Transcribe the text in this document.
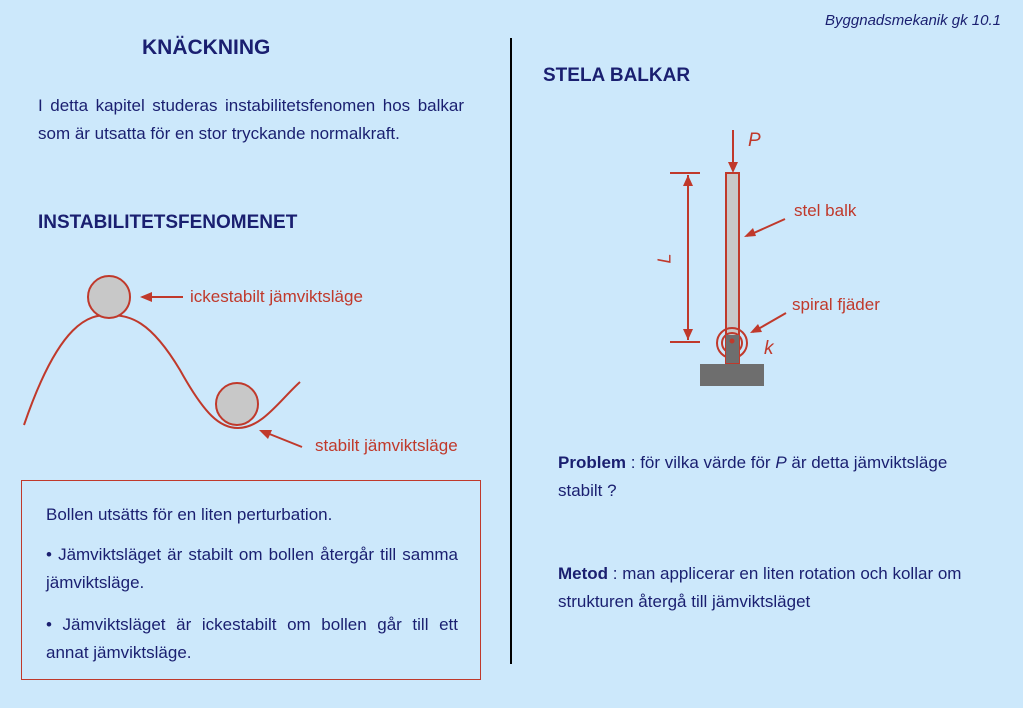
Byggnadsmekanik gk 10.1
KNÄCKNING
I detta kapitel studeras instabilitetsfenomen hos balkar som är utsatta för en stor tryckande normalkraft.
INSTABILITETSFENOMENET
STELA BALKAR
ickestabilt jämviktsläge
stabilt jämviktsläge

Bollen utsätts för en liten perturbation.

• Jämviktsläget är stabilt om bollen återgår till samma jämviktsläge.

• Jämviktsläget är ickestabilt om bollen går till ett annat jämviktsläge.

P
L
k
stel balk
spiral fjäder
Problem : för vilka värde för P är detta jämviktsläge stabilt ?
Metod : man applicerar en liten rotation och kollar om strukturen återgå till jämviktsläget
